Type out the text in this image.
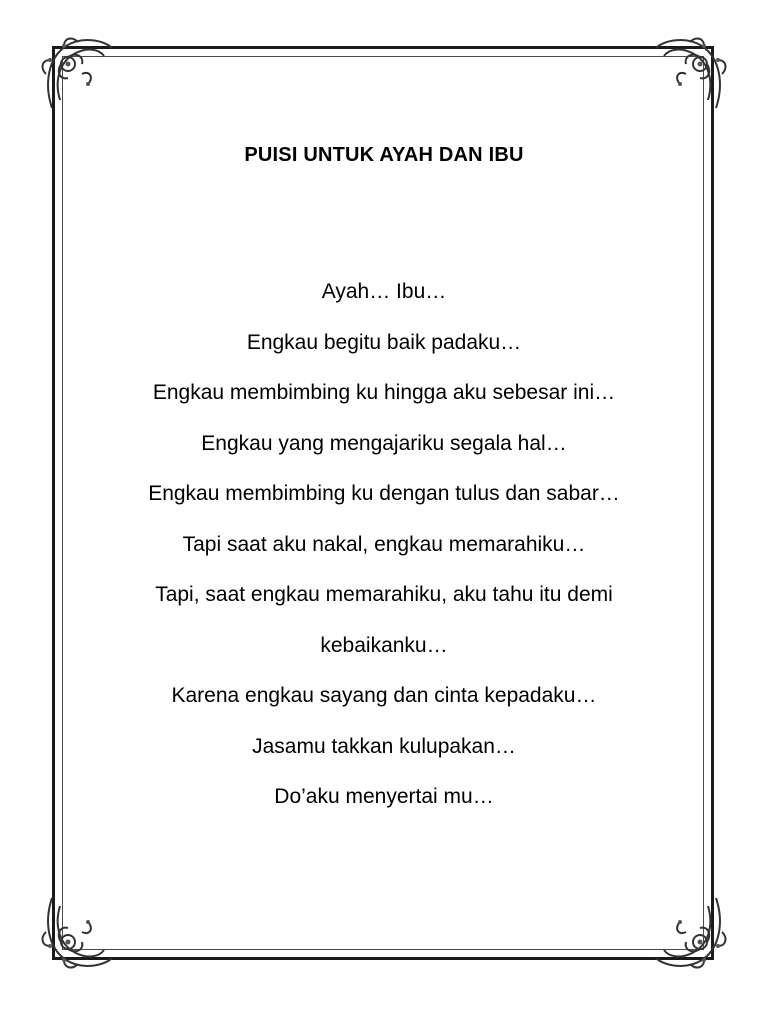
PUISI UNTUK AYAH DAN IBU
Ayah… Ibu…
Engkau begitu baik padaku…
Engkau membimbing ku hingga aku sebesar ini…
Engkau yang mengajariku segala hal…
Engkau membimbing ku dengan tulus dan sabar…
Tapi saat aku nakal, engkau memarahiku…
Tapi, saat engkau memarahiku, aku tahu itu demi
kebaikanku…
Karena engkau sayang dan cinta kepadaku…
Jasamu takkan kulupakan…
Do’aku menyertai mu…
